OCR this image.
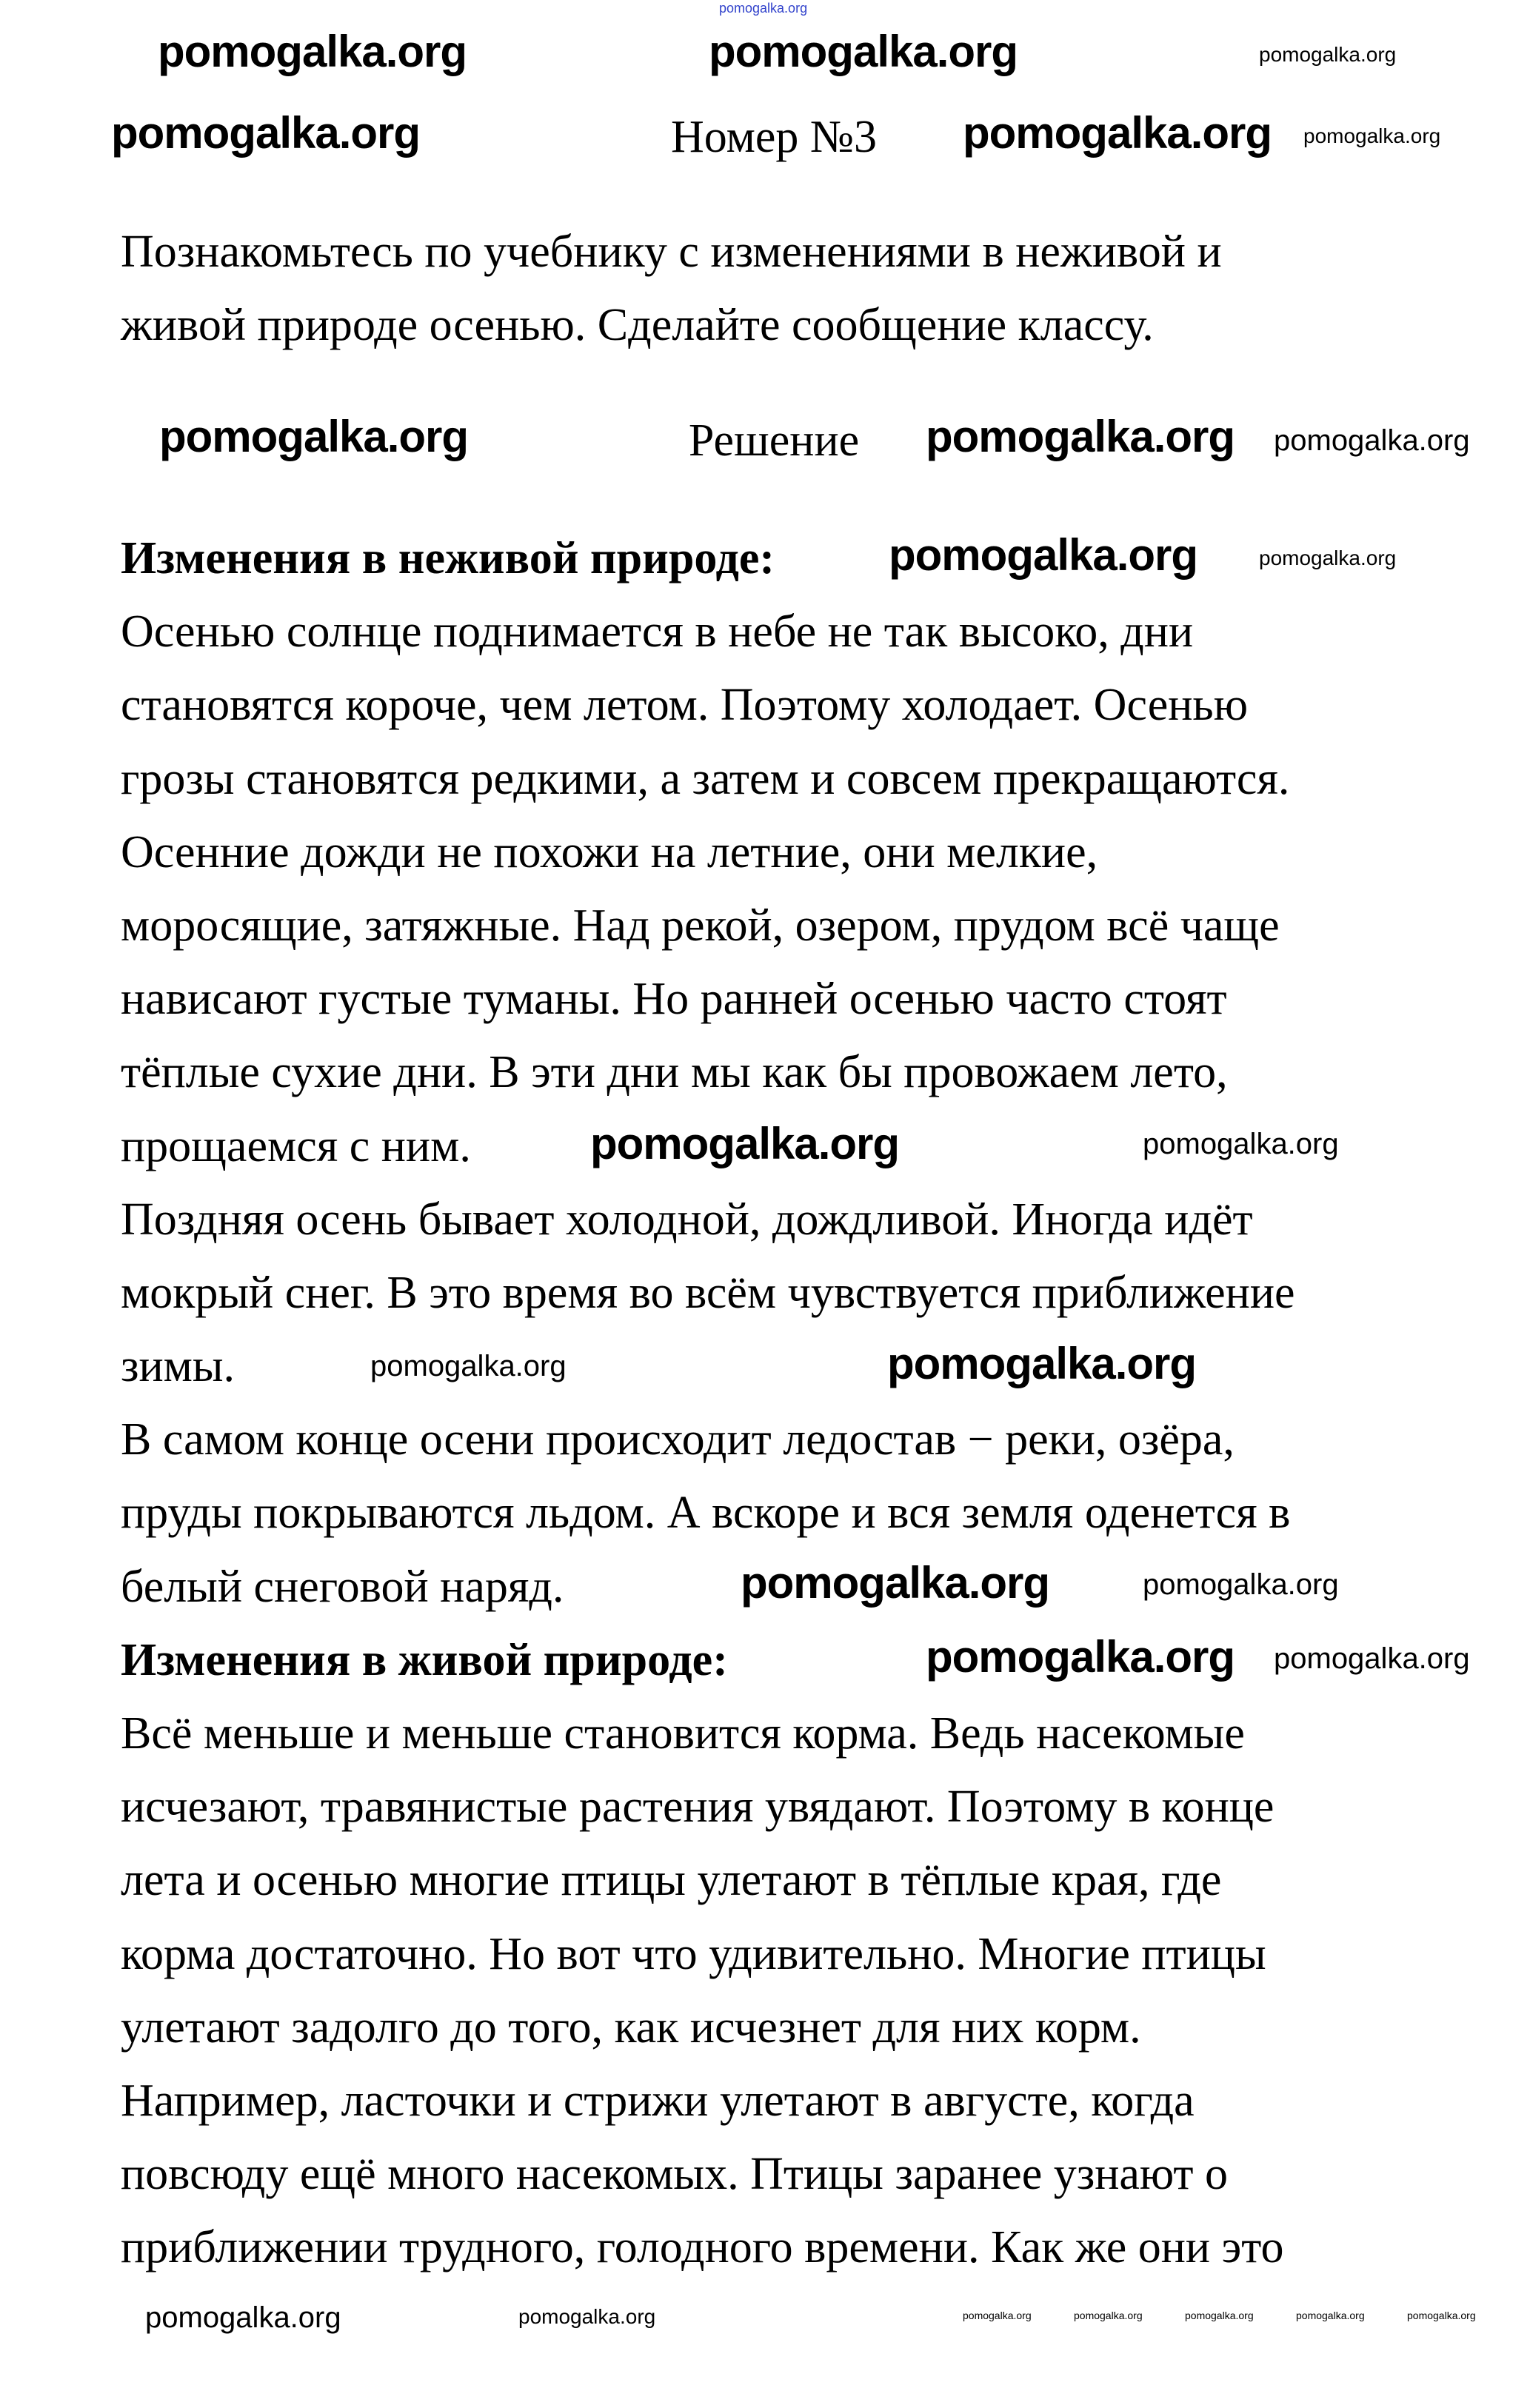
pomogalka.org
Номер №3
Познакомьтесь по учебнику с изменениями в неживой и
живой природе осенью. Сделайте сообщение классу.
Решение
Изменения в неживой природе:
Осенью солнце поднимается в небе не так высоко, дни
становятся короче, чем летом. Поэтому холодает. Осенью
грозы становятся редкими, а затем и совсем прекращаются.
Осенние дожди не похожи на летние, они мелкие,
моросящие, затяжные. Над рекой, озером, прудом всё чаще
нависают густые туманы. Но ранней осенью часто стоят
тёплые сухие дни. В эти дни мы как бы провожаем лето,
прощаемся с ним.
Поздняя осень бывает холодной, дождливой. Иногда идёт
мокрый снег. В это время во всём чувствуется приближение
зимы.
В самом конце осени происходит ледостав − реки, озёра,
пруды покрываются льдом. А вскоре и вся земля оденется в
белый снеговой наряд.
Изменения в живой природе:
Всё меньше и меньше становится корма. Ведь насекомые
исчезают, травянистые растения увядают. Поэтому в конце
лета и осенью многие птицы улетают в тёплые края, где
корма достаточно. Но вот что удивительно. Многие птицы
улетают задолго до того, как исчезнет для них корм.
Например, ласточки и стрижи улетают в августе, когда
повсюду ещё много насекомых. Птицы заранее узнают о
приближении трудного, голодного времени. Как же они это
pomogalka.org	pomogalka.org	pomogalka.org
pomogalka.org	pomogalka.org pomogalka.org
pomogalka.org	pomogalka.org pomogalka.org
pomogalka.org	pomogalka.org
pomogalka.org	pomogalka.org
pomogalka.org	pomogalka.org
pomogalka.org	pomogalka.org
pomogalka.org pomogalka.org
pomogalka.org	pomogalka.org	pomogalka.org	pomogalka.org	pomogalka.org	pomogalka.org	pomogalka.org
